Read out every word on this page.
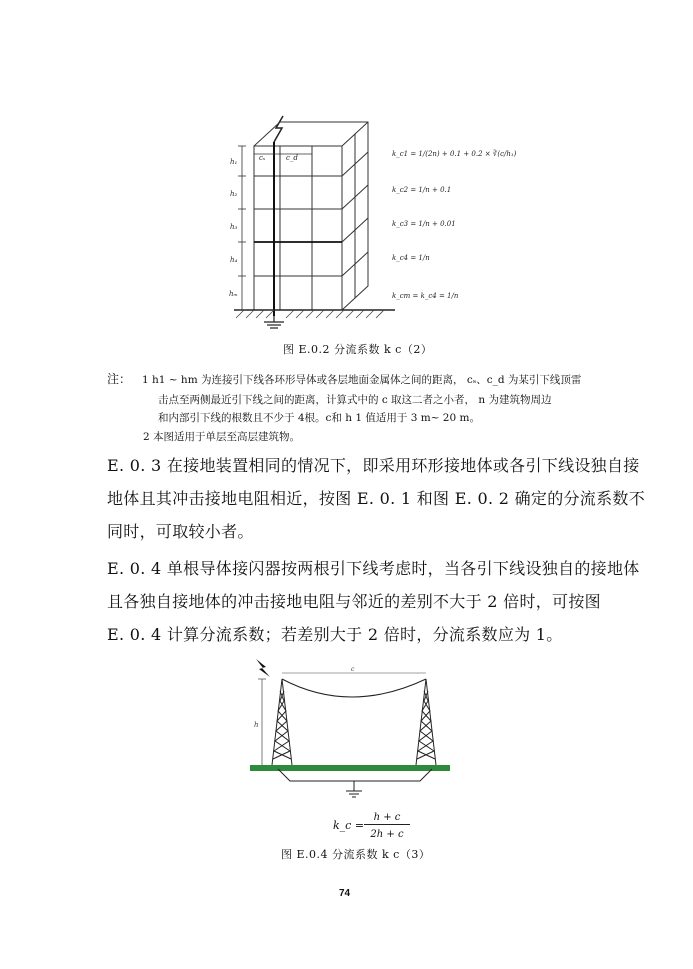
h₁
h₂
h₃
h₄
hₘ
cₛ	c_d	k_c1 = 1/(2n) + 0.1 + 0.2 × ∛(c/h₁)
k_c2 = 1/n + 0.1
k_c3 = 1/n + 0.01
k_c4 = 1/n
k_cm = k_c4 = 1/n
图 E.0.2 分流系数 k c（2）
注： 1 h1 ~ hm 为连接引下线各环形导体或各层地面金属体之间的距离， cₛ、c_d 为某引下线顶雷
击点至两侧最近引下线之间的距离，计算式中的 c 取这二者之小者， n 为建筑物周边
和内部引下线的根数且不少于 4根。c和 h 1 值适用于 3 m~ 20 m。
2 本图适用于单层至高层建筑物。
E. 0. 3 在接地装置相同的情况下，即采用环形接地体或各引下线设独自接
地体且其冲击接地电阻相近，按图 E. 0. 1 和图 E. 0. 2 确定的分流系数不
同时，可取较小者。
E. 0. 4 单根导体接闪器按两根引下线考虑时，当各引下线设独自的接地体
且各独自接地体的冲击接地电阻与邻近的差别不大于 2 倍时，可按图
E. 0. 4 计算分流系数；若差别大于 2 倍时，分流系数应为 1。
h
c
k_c =
h + c
2h + c
图 E.0.4 分流系数 k c（3）
74
